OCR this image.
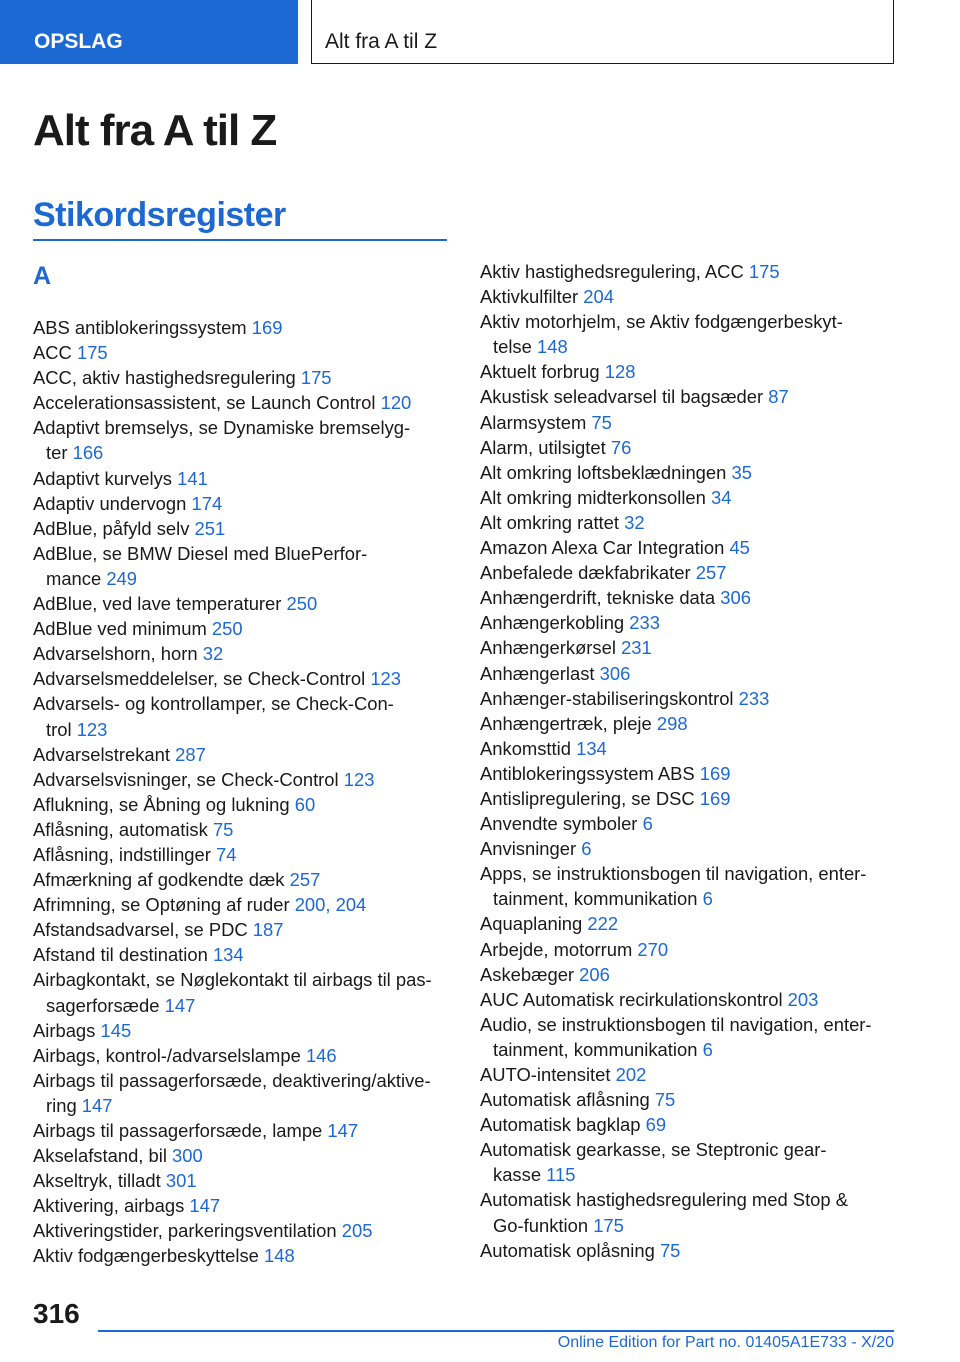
OPSLAG	Alt fra A til Z
Alt fra A til Z
Stikordsregister
A
ABS antiblokeringssystem 169
ACC 175
ACC, aktiv hastighedsregulering 175
Accelerationsassistent, se Launch Control 120
Adaptivt bremselys, se Dynamiske bremselyg-
ter 166
Adaptivt kurvelys 141
Adaptiv undervogn 174
AdBlue, påfyld selv 251
AdBlue, se BMW Diesel med BluePerfor-
mance 249
AdBlue, ved lave temperaturer 250
AdBlue ved minimum 250
Advarselshorn, horn 32
Advarselsmeddelelser, se Check-Control 123
Advarsels- og kontrollamper, se Check-Con-
trol 123
Advarselstrekant 287
Advarselsvisninger, se Check-Control 123
Aflukning, se Åbning og lukning 60
Aflåsning, automatisk 75
Aflåsning, indstillinger 74
Afmærkning af godkendte dæk 257
Afrimning, se Optøning af ruder 200, 204
Afstandsadvarsel, se PDC 187
Afstand til destination 134
Airbagkontakt, se Nøglekontakt til airbags til pas-
sagerforsæde 147
Airbags 145
Airbags, kontrol-/advarselslampe 146
Airbags til passagerforsæde, deaktivering/aktive-
ring 147
Airbags til passagerforsæde, lampe 147
Akselafstand, bil 300
Akseltryk, tilladt 301
Aktivering, airbags 147
Aktiveringstider, parkeringsventilation 205
Aktiv fodgængerbeskyttelse 148
Aktiv hastighedsregulering, ACC 175
Aktivkulfilter 204
Aktiv motorhjelm, se Aktiv fodgængerbeskyt-
telse 148
Aktuelt forbrug 128
Akustisk seleadvarsel til bagsæder 87
Alarmsystem 75
Alarm, utilsigtet 76
Alt omkring loftsbeklædningen 35
Alt omkring midterkonsollen 34
Alt omkring rattet 32
Amazon Alexa Car Integration 45
Anbefalede dækfabrikater 257
Anhængerdrift, tekniske data 306
Anhængerkobling 233
Anhængerkørsel 231
Anhængerlast 306
Anhænger-stabiliseringskontrol 233
Anhængertræk, pleje 298
Ankomsttid 134
Antiblokeringssystem ABS 169
Antislipregulering, se DSC 169
Anvendte symboler 6
Anvisninger 6
Apps, se instruktionsbogen til navigation, enter-
tainment, kommunikation 6
Aquaplaning 222
Arbejde, motorrum 270
Askebæger 206
AUC Automatisk recirkulationskontrol 203
Audio, se instruktionsbogen til navigation, enter-
tainment, kommunikation 6
AUTO-intensitet 202
Automatisk aflåsning 75
Automatisk bagklap 69
Automatisk gearkasse, se Steptronic gear-
kasse 115
Automatisk hastighedsregulering med Stop &
Go-funktion 175
Automatisk oplåsning 75
316
Online Edition for Part no. 01405A1E733 - X/20
